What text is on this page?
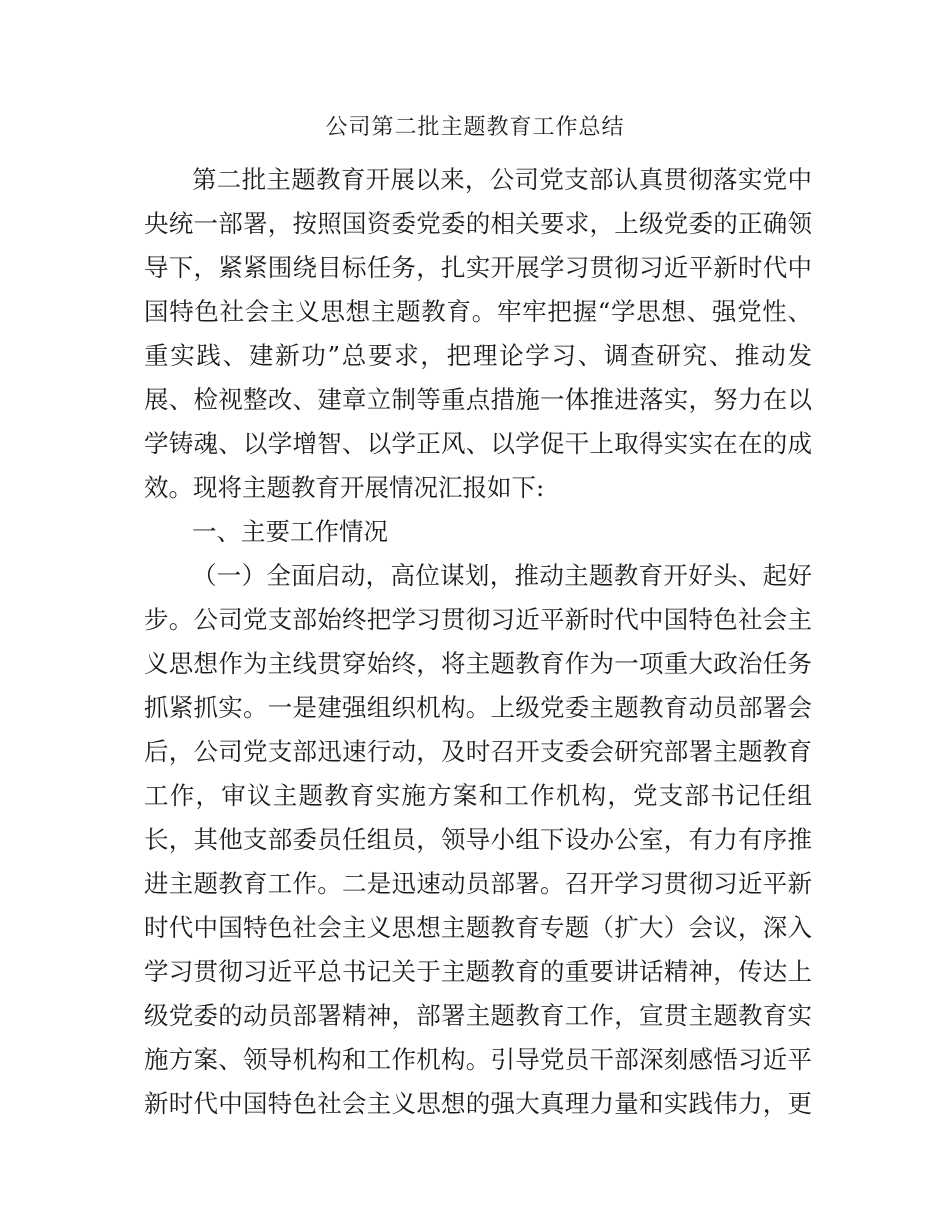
公司第二批主题教育工作总结

第二批主题教育开展以来，公司党支部认真贯彻落实党中

央统一部署，按照国资委党委的相关要求，上级党委的正确领

导下，紧紧围绕目标任务，扎实开展学习贯彻习近平新时代中

国特色社会主义思想主题教育。牢牢把握“学思想、强党性、

重实践、建新功”总要求，把理论学习、调查研究、推动发

展、检视整改、建章立制等重点措施一体推进落实，努力在以

学铸魂、以学增智、以学正风、以学促干上取得实实在在的成

效。现将主题教育开展情况汇报如下:

一、主要工作情况

（一）全面启动，高位谋划，推动主题教育开好头、起好

步。公司党支部始终把学习贯彻习近平新时代中国特色社会主

义思想作为主线贯穿始终，将主题教育作为一项重大政治任务

抓紧抓实。一是建强组织机构。上级党委主题教育动员部署会

后，公司党支部迅速行动，及时召开支委会研究部署主题教育

工作，审议主题教育实施方案和工作机构，党支部书记任组

长，其他支部委员任组员，领导小组下设办公室，有力有序推

进主题教育工作。二是迅速动员部署。召开学习贯彻习近平新

时代中国特色社会主义思想主题教育专题（扩大）会议，深入

学习贯彻习近平总书记关于主题教育的重要讲话精神，传达上

级党委的动员部署精神，部署主题教育工作，宣贯主题教育实

施方案、领导机构和工作机构。引导党员干部深刻感悟习近平

新时代中国特色社会主义思想的强大真理力量和实践伟力，更
